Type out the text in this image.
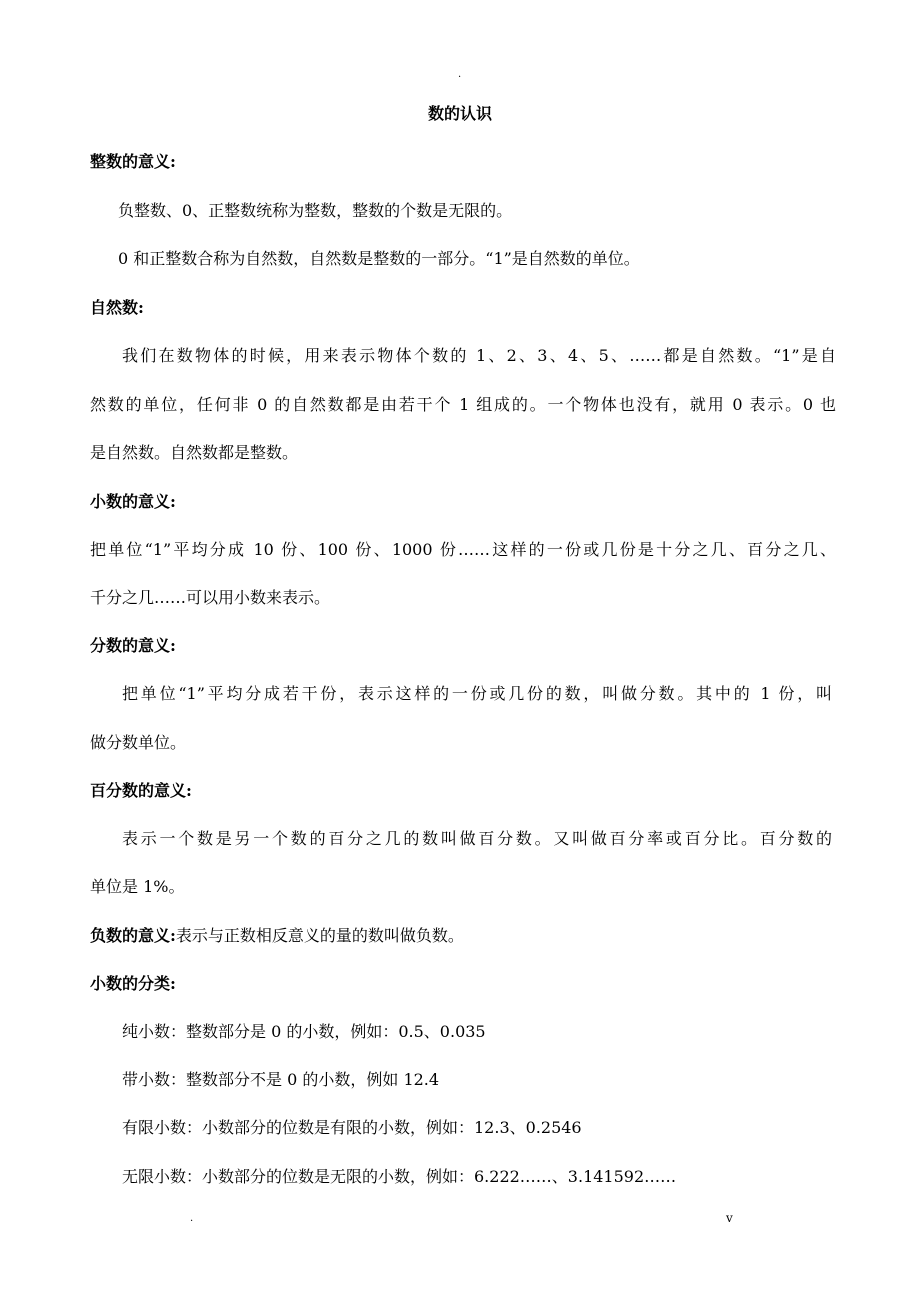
.
数的认识
整数的意义:
负整数、0、正整数统称为整数，整数的个数是无限的。
0 和正整数合称为自然数，自然数是整数的一部分。“1”是自然数的单位。
自然数:
我们在数物体的时候，用来表示物体个数的 1、2、3、4、5、……都是自然数。“1”是自
然数的单位，任何非 0 的自然数都是由若干个 1 组成的。一个物体也没有，就用 0 表示。0 也
是自然数。自然数都是整数。
小数的意义:
把单位“1”平均分成 10 份、100 份、1000 份……这样的一份或几份是十分之几、百分之几、
千分之几……可以用小数来表示。
分数的意义:
把单位“1”平均分成若干份，表示这样的一份或几份的数，叫做分数。其中的 1 份，叫
做分数单位。
百分数的意义:
表示一个数是另一个数的百分之几的数叫做百分数。又叫做百分率或百分比。百分数的
单位是 1%。
负数的意义:表示与正数相反意义的量的数叫做负数。
小数的分类:
纯小数：整数部分是 0 的小数，例如：0.5、0.035
带小数：整数部分不是 0 的小数，例如 12.4
有限小数：小数部分的位数是有限的小数，例如：12.3、0.2546
无限小数：小数部分的位数是无限的小数，例如：6.222……、3.141592……
.	v
